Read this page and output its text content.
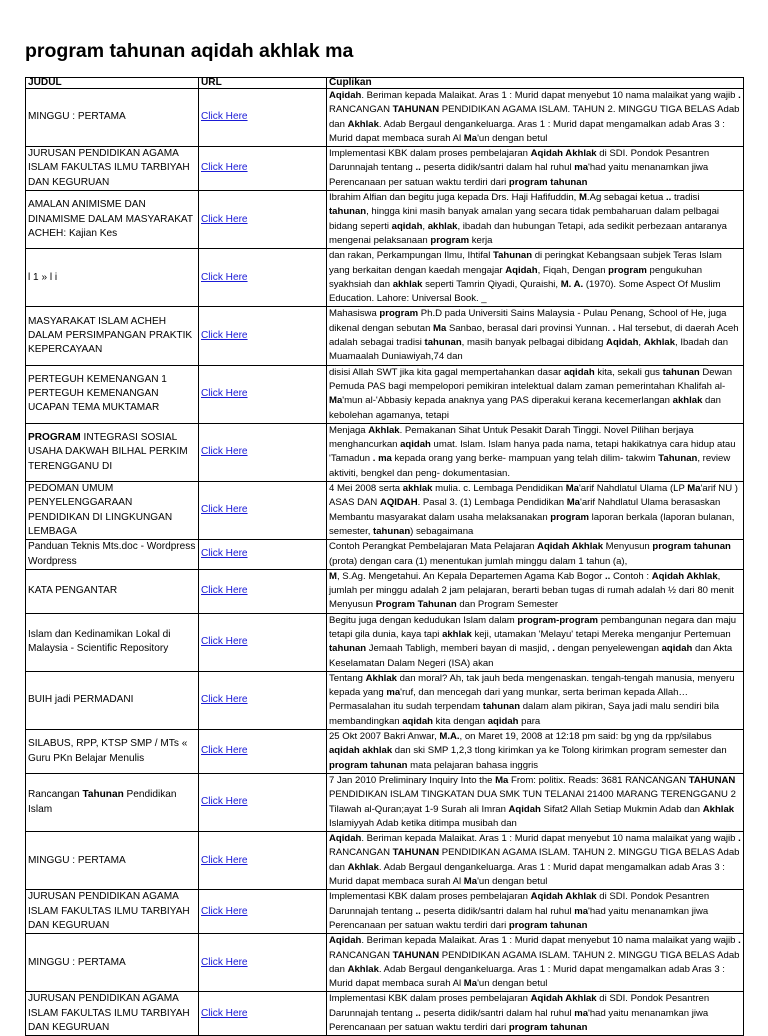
program tahunan aqidah akhlak ma
JUDUL	URL	Cuplikan
MINGGU : PERTAMA	Click Here	Aqidah. Beriman kepada Malaikat. Aras 1 : Murid dapat menyebut 10 nama malaikat yang wajib . RANCANGAN TAHUNAN PENDIDIKAN AGAMA ISLAM. TAHUN 2. MINGGU TIGA BELAS Adab dan Akhlak. Adab Bergaul dengankeluarga. Aras 1 : Murid dapat mengamalkan adab Aras 3 : Murid dapat membaca surah Al Ma'un dengan betul
JURUSAN PENDIDIKAN AGAMA ISLAM FAKULTAS ILMU TARBIYAH DAN KEGURUAN	Click Here	Implementasi KBK dalam proses pembelajaran Aqidah Akhlak di SDI. Pondok Pesantren Darunnajah tentang .. peserta didik/santri dalam hal ruhul ma'had yaitu menanamkan jiwa Perencanaan per satuan waktu terdiri dari program tahunan
AMALAN ANIMISME DAN DINAMISME DALAM MASYARAKAT ACHEH: Kajian Kes	Click Here	Ibrahim Alfian dan begitu juga kepada Drs. Haji Hafifuddin, M.Ag sebagai ketua .. tradisi tahunan, hingga kini masih banyak amalan yang secara tidak pembaharuan dalam pelbagai bidang seperti aqidah, akhlak, ibadah dan hubungan Tetapi, ada sedikit perbezaan antaranya mengenai pelaksanaan program kerja
l 1 » l i	Click Here	dan rakan, Perkampungan Ilmu, Ihtifal Tahunan di peringkat Kebangsaan subjek Teras Islam yang berkaitan dengan kaedah mengajar Aqidah, Fiqah, Dengan program pengukuhan syakhsiah dan akhlak seperti Tamrin Qiyadi, Quraishi, M. A. (1970). Some Aspect Of Muslim Education. Lahore: Universal Book. _
MASYARAKAT ISLAM ACHEH DALAM PERSIMPANGAN PRAKTIK KEPERCAYAAN	Click Here	Mahasiswa program Ph.D pada Universiti Sains Malaysia - Pulau Penang, School of He, juga dikenal dengan sebutan Ma Sanbao, berasal dari provinsi Yunnan. . Hal tersebut, di daerah Aceh adalah sebagai tradisi tahunan, masih banyak pelbagai dibidang Aqidah, Akhlak, Ibadah dan Muamaalah Duniawiyah,74 dan
PERTEGUH KEMENANGAN 1 PERTEGUH KEMENANGAN UCAPAN TEMA MUKTAMAR	Click Here	disisi Allah SWT jika kita gagal mempertahankan dasar aqidah kita, sekali gus tahunan Dewan Pemuda PAS bagi mempelopori pemikiran intelektual dalam zaman pemerintahan Khalifah al-Ma'mun al-'Abbasiy kepada anaknya yang PAS diperakui kerana kecemerlangan akhlak dan kebolehan agamanya, tetapi
PROGRAM INTEGRASI SOSIAL USAHA DAKWAH BILHAL PERKIM TERENGGANU DI	Click Here	Menjaga Akhlak. Pemakanan Sihat Untuk Pesakit Darah Tinggi. Novel Pilihan berjaya menghancurkan aqidah umat. Islam. Islam hanya pada nama, tetapi hakikatnya cara hidup atau 'Tamadun . ma kepada orang yang berke- mampuan yang telah dilim- takwim Tahunan, review aktiviti, bengkel dan peng- dokumentasian.
PEDOMAN UMUM PENYELENGGARAAN PENDIDIKAN DI LINGKUNGAN LEMBAGA	Click Here	4 Mei 2008 serta akhlak mulia. c. Lembaga Pendidikan Ma'arif Nahdlatul Ulama (LP Ma'arif NU ) ASAS DAN AQIDAH. Pasal 3. (1) Lembaga Pendidikan Ma'arif Nahdlatul Ulama berasaskan Membantu masyarakat dalam usaha melaksanakan program laporan berkala (laporan bulanan, semester, tahunan) sebagaimana
Panduan Teknis Mts.doc - Wordpress Wordpress	Click Here	Contoh Perangkat Pembelajaran Mata Pelajaran Aqidah Akhlak Menyusun program tahunan (prota) dengan cara (1) menentukan jumlah minggu dalam 1 tahun (a),
KATA PENGANTAR	Click Here	M, S.Ag. Mengetahui. An Kepala Departemen Agama Kab Bogor .. Contoh : Aqidah Akhlak, jumlah per minggu adalah 2 jam pelajaran, berarti beban tugas di rumah adalah ½ dari 80 menit Menyusun Program Tahunan dan Program Semester
Islam dan Kedinamikan Lokal di Malaysia - Scientific Repository	Click Here	Begitu juga dengan kedudukan Islam dalam program-program pembangunan negara dan maju tetapi gila dunia, kaya tapi akhlak keji, utamakan 'Melayu' tetapi Mereka menganjur Pertemuan tahunan Jemaah Tabligh, memberi bayan di masjid, . dengan penyelewengan aqidah dan Akta Keselamatan Dalam Negeri (ISA) akan
BUIH jadi PERMADANI	Click Here	Tentang Akhlak dan moral? Ah, tak jauh beda mengenaskan. tengah-tengah manusia, menyeru kepada yang ma'ruf, dan mencegah dari yang munkar, serta beriman kepada Allah… Permasalahan itu sudah terpendam tahunan dalam alam pikiran, Saya jadi malu sendiri bila membandingkan aqidah kita dengan aqidah para
SILABUS, RPP, KTSP SMP / MTs « Guru PKn Belajar Menulis	Click Here	25 Okt 2007 Bakri Anwar, M.A., on Maret 19, 2008 at 12:18 pm said: bg yng da rpp/silabus aqidah akhlak dan ski SMP 1,2,3 tlong kirimkan ya ke Tolong kirimkan program semester dan program tahunan mata pelajaran bahasa inggris
Rancangan Tahunan Pendidikan Islam	Click Here	7 Jan 2010 Preliminary Inquiry Into the Ma From: politix. Reads: 3681 RANCANGAN TAHUNAN PENDIDIKAN ISLAM TINGKATAN DUA SMK TUN TELANAI 21400 MARANG TERENGGANU 2 Tilawah al-Quran;ayat 1-9 Surah ali Imran Aqidah Sifat2 Allah Setiap Mukmin Adab dan Akhlak Islamiyyah Adab ketika ditimpa musibah dan
MINGGU : PERTAMA	Click Here	Aqidah. Beriman kepada Malaikat. Aras 1 : Murid dapat menyebut 10 nama malaikat yang wajib . RANCANGAN TAHUNAN PENDIDIKAN AGAMA ISLAM. TAHUN 2. MINGGU TIGA BELAS Adab dan Akhlak. Adab Bergaul dengankeluarga. Aras 1 : Murid dapat mengamalkan adab Aras 3 : Murid dapat membaca surah Al Ma'un dengan betul
JURUSAN PENDIDIKAN AGAMA ISLAM FAKULTAS ILMU TARBIYAH DAN KEGURUAN	Click Here	Implementasi KBK dalam proses pembelajaran Aqidah Akhlak di SDI. Pondok Pesantren Darunnajah tentang .. peserta didik/santri dalam hal ruhul ma'had yaitu menanamkan jiwa Perencanaan per satuan waktu terdiri dari program tahunan
MINGGU : PERTAMA	Click Here	Aqidah. Beriman kepada Malaikat. Aras 1 : Murid dapat menyebut 10 nama malaikat yang wajib . RANCANGAN TAHUNAN PENDIDIKAN AGAMA ISLAM. TAHUN 2. MINGGU TIGA BELAS Adab dan Akhlak. Adab Bergaul dengankeluarga. Aras 1 : Murid dapat mengamalkan adab Aras 3 : Murid dapat membaca surah Al Ma'un dengan betul
JURUSAN PENDIDIKAN AGAMA ISLAM FAKULTAS ILMU TARBIYAH DAN KEGURUAN	Click Here	Implementasi KBK dalam proses pembelajaran Aqidah Akhlak di SDI. Pondok Pesantren Darunnajah tentang .. peserta didik/santri dalam hal ruhul ma'had yaitu menanamkan jiwa Perencanaan per satuan waktu terdiri dari program tahunan
